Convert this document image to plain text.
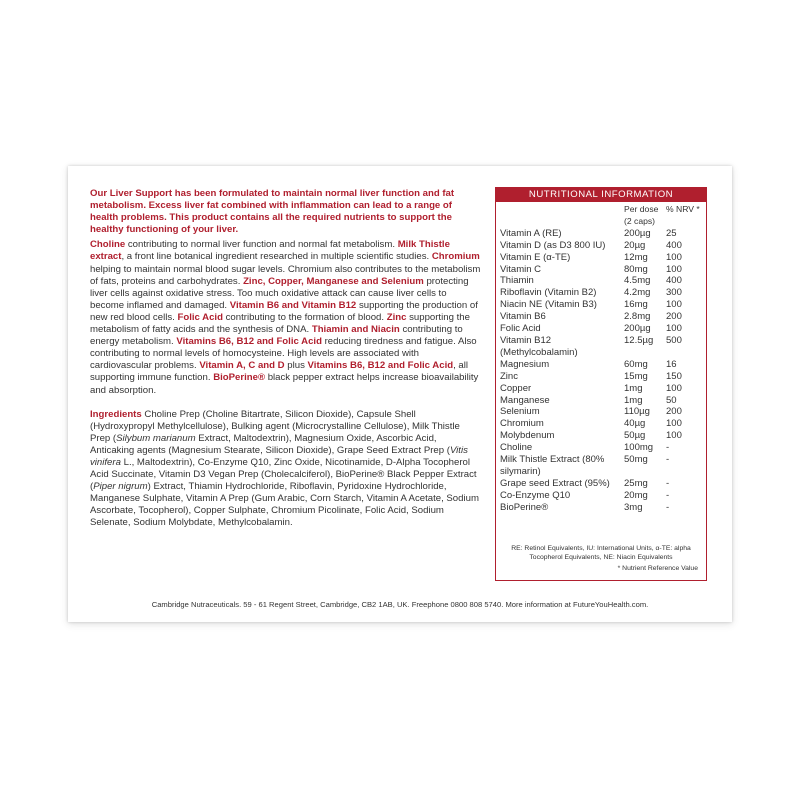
Our Liver Support has been formulated to maintain normal liver function and fat metabolism. Excess liver fat combined with inflammation can lead to a range of health problems. This product contains all the required nutrients to support the healthy functioning of your liver.

Choline contributing to normal liver function and normal fat metabolism. Milk Thistle extract, a front line botanical ingredient researched in multiple scientific studies. Chromium helping to maintain normal blood sugar levels. Chromium also contributes to the metabolism of fats, proteins and carbohydrates. Zinc, Copper, Manganese and Selenium protecting liver cells against oxidative stress. Too much oxidative attack can cause liver cells to become inflamed and damaged. Vitamin B6 and Vitamin B12 supporting the production of new red blood cells. Folic Acid contributing to the formation of blood. Zinc supporting the metabolism of fatty acids and the synthesis of DNA. Thiamin and Niacin contributing to energy metabolism. Vitamins B6, B12 and Folic Acid reducing tiredness and fatigue. Also contributing to normal levels of homocysteine. High levels are associated with cardiovascular problems. Vitamin A, C and D plus Vitamins B6, B12 and Folic Acid, all supporting immune function. BioPerine® black pepper extract helps increase bioavailability and absorption.

Ingredients Choline Prep (Choline Bitartrate, Silicon Dioxide), Capsule Shell (Hydroxypropyl Methylcellulose), Bulking agent (Microcrystalline Cellulose), Milk Thistle Prep (Silybum marianum Extract, Maltodextrin), Magnesium Oxide, Ascorbic Acid, Anticaking agents (Magnesium Stearate, Silicon Dioxide), Grape Seed Extract Prep (Vitis vinifera L., Maltodextrin), Co-Enzyme Q10, Zinc Oxide, Nicotinamide, D-Alpha Tocopherol Acid Succinate, Vitamin D3 Vegan Prep (Cholecalciferol), BioPerine® Black Pepper Extract (Piper nigrum) Extract, Thiamin Hydrochloride, Riboflavin, Pyridoxine Hydrochloride, Manganese Sulphate, Vitamin A Prep (Gum Arabic, Corn Starch, Vitamin A Acetate, Sodium Ascorbate, Tocopherol), Copper Sulphate, Chromium Picolinate, Folic Acid, Sodium Selenate, Sodium Molybdate, Methylcobalamin.

NUTRITIONAL INFORMATION
	Per dose (2 caps)	% NRV *
Vitamin A (RE)	200µg	25
Vitamin D (as D3 800 IU)	20µg	400
Vitamin E (α-TE)	12mg	100
Vitamin C	80mg	100
Thiamin	4.5mg	400
Riboflavin (Vitamin B2)	4.2mg	300
Niacin NE (Vitamin B3)	16mg	100
Vitamin B6	2.8mg	200
Folic Acid	200µg	100
Vitamin B12 (Methylcobalamin)	12.5µg	500
Magnesium	60mg	16
Zinc	15mg	150
Copper	1mg	100
Manganese	1mg	50
Selenium	110µg	200
Chromium	40µg	100
Molybdenum	50µg	100
Choline	100mg	-
Milk Thistle Extract (80% silymarin)	50mg	-
Grape seed Extract (95%)	25mg	-
Co-Enzyme Q10	20mg	-
BioPerine®	3mg	-
RE: Retinol Equivalents, IU: International Units, α-TE: alpha Tocopherol Equivalents, NE: Niacin Equivalents
* Nutrient Reference Value
Cambridge Nutraceuticals. 59 - 61 Regent Street, Cambridge, CB2 1AB, UK. Freephone 0800 808 5740. More information at FutureYouHealth.com.
